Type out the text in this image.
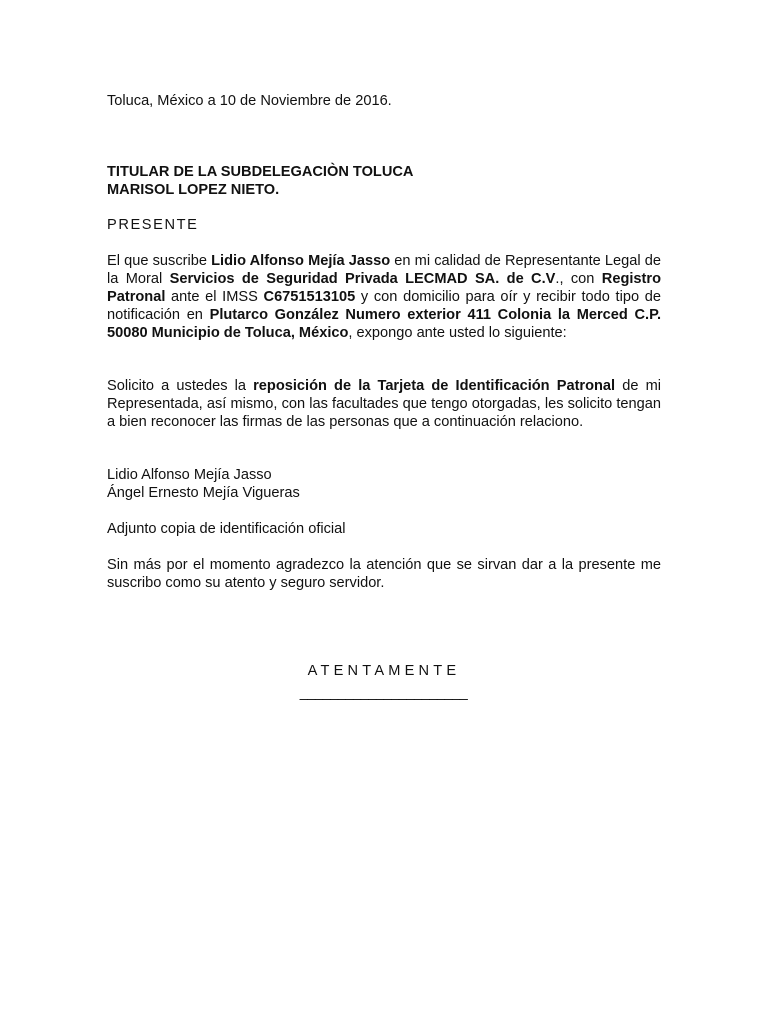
Toluca, México a 10 de Noviembre de 2016.
TITULAR DE LA SUBDELEGACIÒN TOLUCA
MARISOL LOPEZ NIETO.
PRESENTE
El que suscribe Lidio Alfonso Mejía Jasso en mi calidad de Representante Legal de la Moral Servicios de Seguridad Privada LECMAD SA. de C.V., con Registro Patronal ante el IMSS C6751513105 y con domicilio para oír y recibir todo tipo de notificación en Plutarco González Numero exterior 411 Colonia la Merced C.P. 50080 Municipio de Toluca, México, expongo ante usted lo siguiente:
Solicito a ustedes la reposición de la Tarjeta de Identificación Patronal de mi Representada, así mismo, con las facultades que tengo otorgadas, les solicito tengan a bien reconocer las firmas de las personas que a continuación relaciono.
Lidio Alfonso Mejía Jasso
Ángel Ernesto Mejía Vigueras
Adjunto copia de identificación oficial
Sin más por el momento agradezco la atención que se sirvan dar a la presente me suscribo como su atento y seguro servidor.
ATENTAMENTE
______________________
